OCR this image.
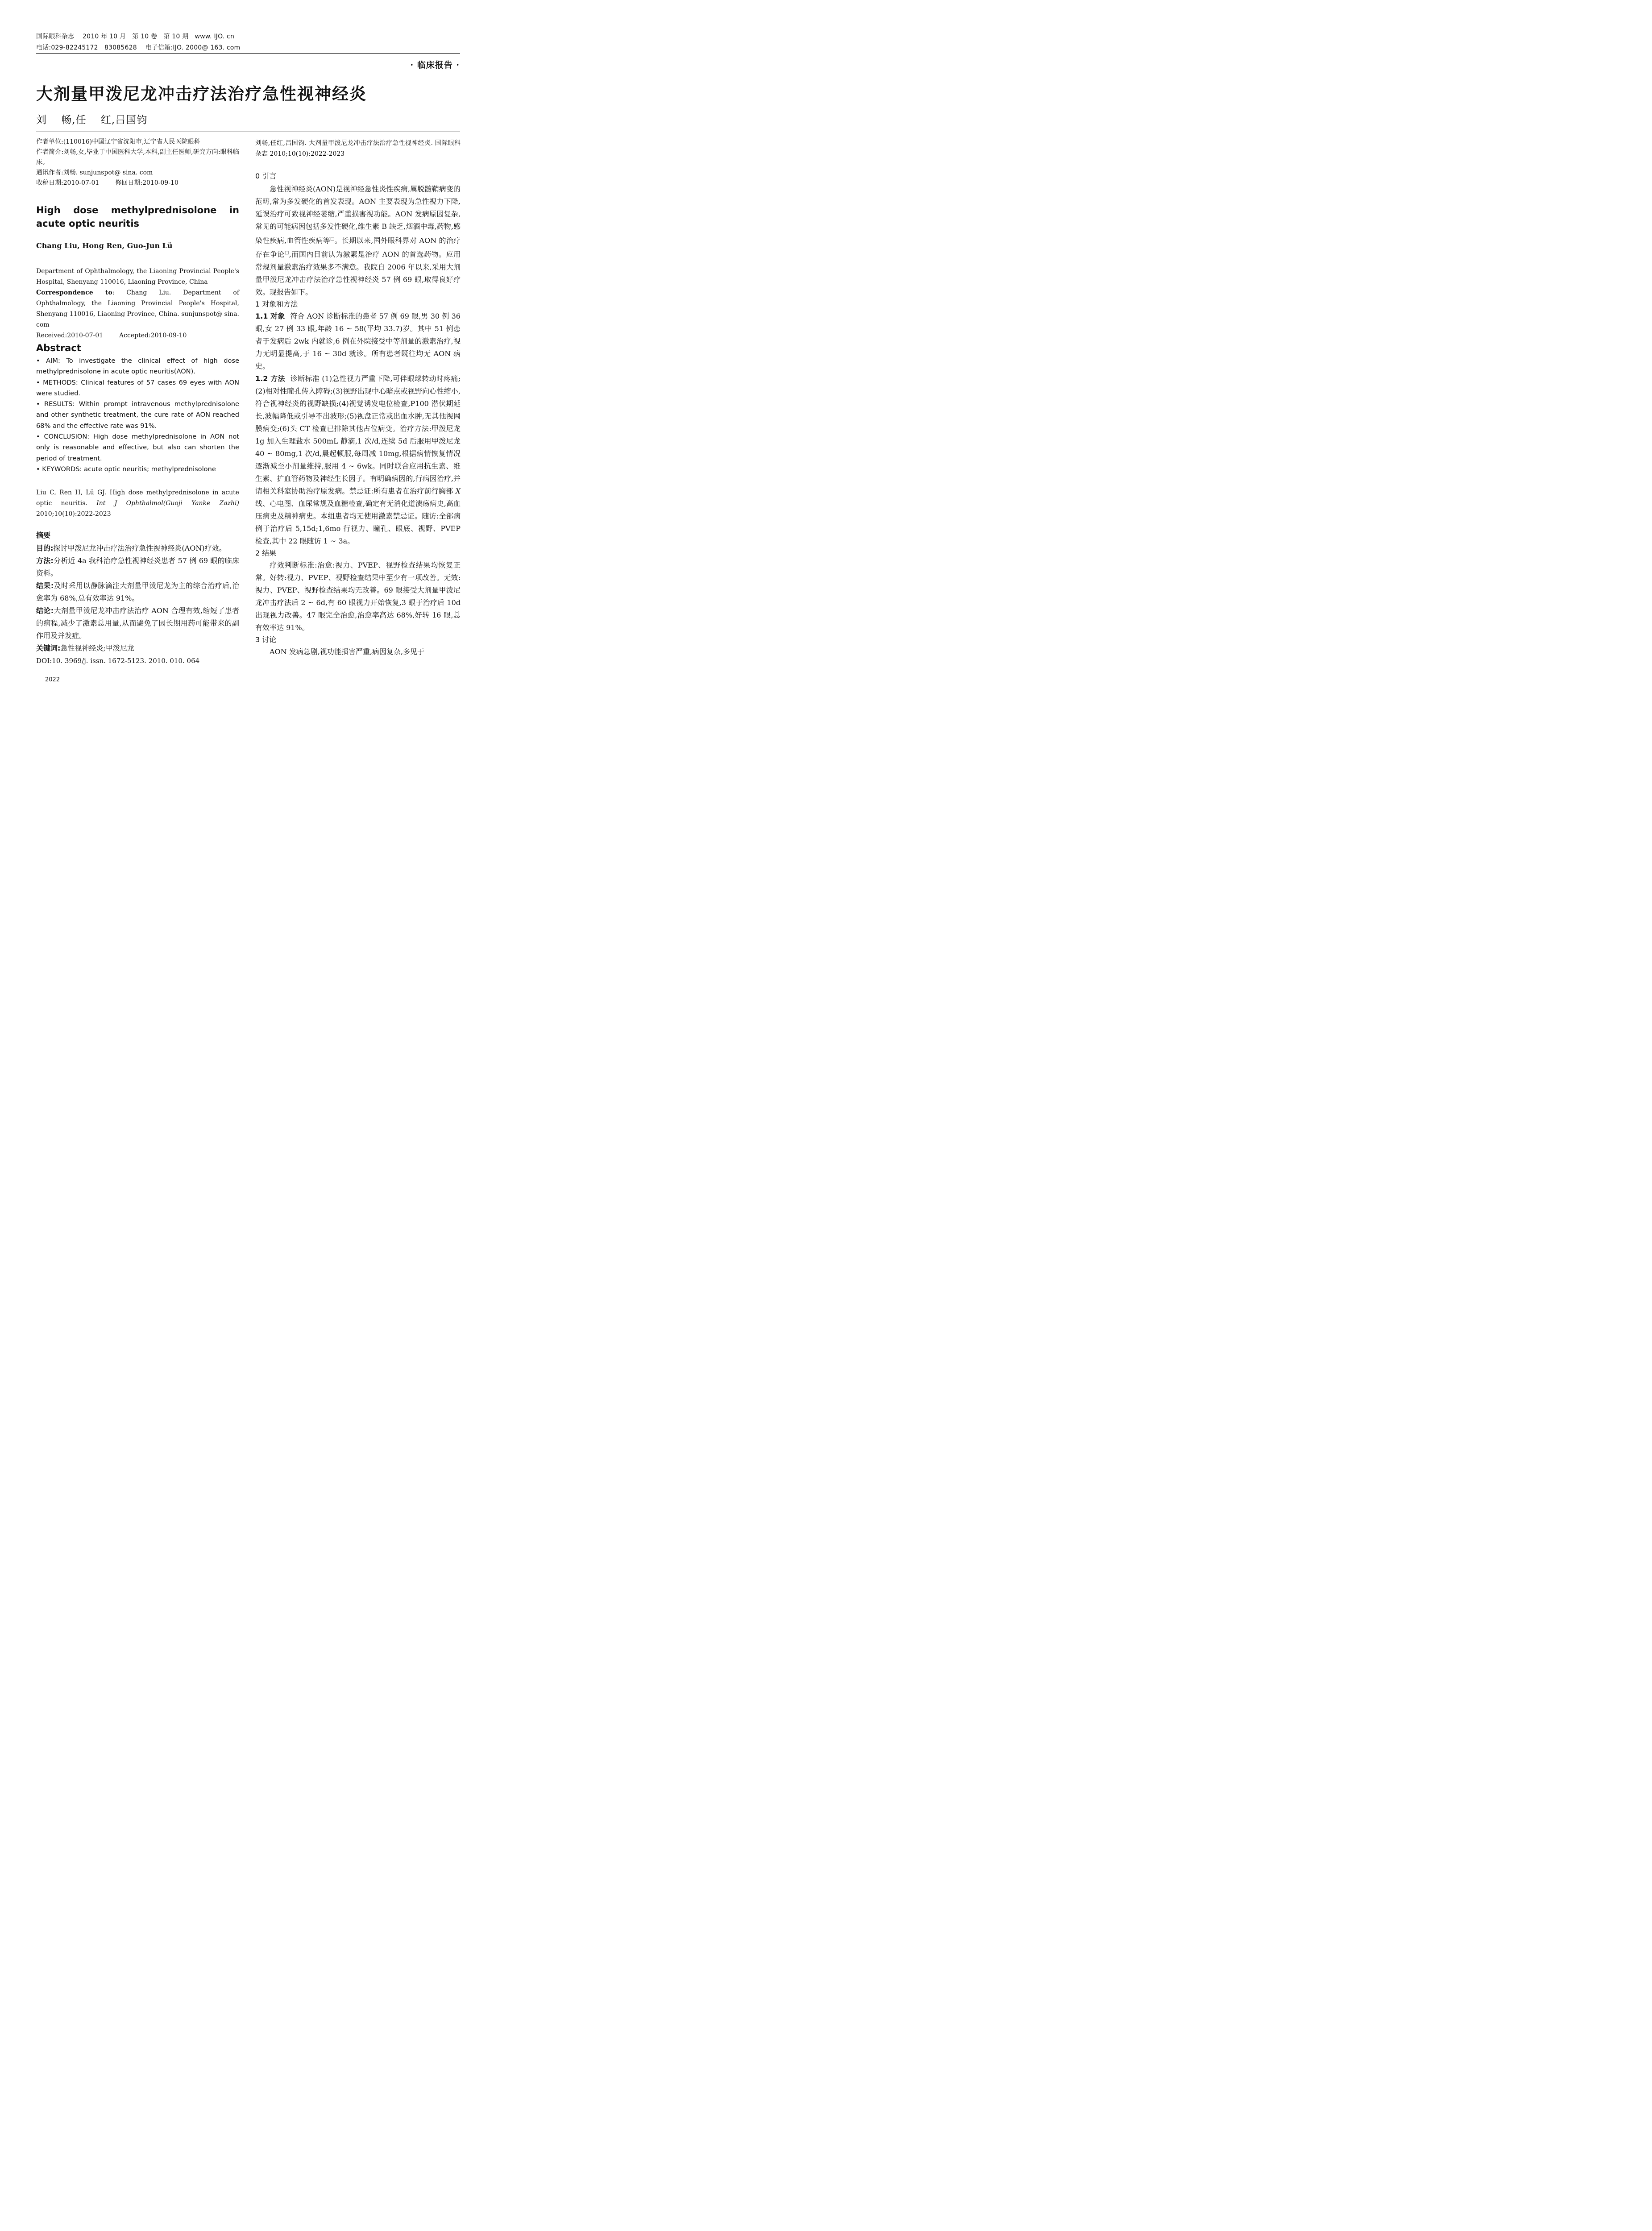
国际眼科杂志　 2010 年 10 月　第 10 卷　第 10 期　www. IJO. cn
电话:029-82245172　83085628　 电子信箱:IJO. 2000@ 163. com
· 临床报告 ·
大剂量甲泼尼龙冲击疗法治疗急性视神经炎
刘　 畅,任　 红,吕国钧

作者单位:(110016)中国辽宁省沈阳市,辽宁省人民医院眼科

作者简介:刘畅,女,毕业于中国医科大学,本科,副主任医师,研究方向:眼科临床。

通讯作者:刘畅. sunjunspot@ sina. com

收稿日期:2010-07-01	修回日期:2010-09-10

High dose methylprednisolone in acute optic neuritis
Chang Liu, Hong Ren, Guo-Jun Lü

Department of Ophthalmology, the Liaoning Provincial People's Hospital, Shenyang 110016, Liaoning Province, China

Correspondence to: Chang Liu. Department of Ophthalmology, the Liaoning Provincial People's Hospital, Shenyang 110016, Liaoning Province, China. sunjunspot@ sina. com

Received:2010-07-01	Accepted:2010-09-10

Abstract

• AIM: To investigate the clinical effect of high dose methylprednisolone in acute optic neuritis(AON).

• METHODS: Clinical features of 57 cases 69 eyes with AON were studied.

• RESULTS: Within prompt intravenous methylprednisolone and other synthetic treatment, the cure rate of AON reached 68% and the effective rate was 91%.

• CONCLUSION: High dose methylprednisolone in AON not only is reasonable and effective, but also can shorten the period of treatment.

• KEYWORDS: acute optic neuritis; methylprednisolone

Liu C, Ren H, Lü GJ. High dose methylprednisolone in acute optic neuritis. Int J Ophthalmol(Guoji Yanke Zazhi) 2010;10(10):2022-2023

摘要

目的:探讨甲泼尼龙冲击疗法治疗急性视神经炎(AON)疗效。

方法:分析近 4a 我科治疗急性视神经炎患者 57 例 69 眼的临床资料。

结果:及时采用以静脉滴注大剂量甲泼尼龙为主的综合治疗后,治愈率为 68%,总有效率达 91%。

结论:大剂量甲泼尼龙冲击疗法治疗 AON 合理有效,缩短了患者的病程,减少了激素总用量,从而避免了因长期用药可能带来的副作用及并发症。

关键词:急性视神经炎;甲泼尼龙

DOI:10. 3969/j. issn. 1672-5123. 2010. 010. 064

2022
刘畅,任红,吕国钧. 大剂量甲泼尼龙冲击疗法治疗急性视神经炎. 国际眼科杂志 2010;10(10):2022-2023

0 引言

急性视神经炎(AON)是视神经急性炎性疾病,属脱髓鞘病变的范畴,常为多发硬化的首发表现。AON 主要表现为急性视力下降,延误治疗可致视神经萎缩,严重损害视功能。AON 发病原因复杂,常见的可能病因包括多发性硬化,维生素 B 缺乏,烟酒中毒,药物,感染性疾病,血管性疾病等□。长期以来,国外眼科界对 AON 的治疗存在争论□,而国内目前认为激素是治疗 AON 的首选药物。应用常规剂量激素治疗效果多不满意。我院自 2006 年以来,采用大剂量甲泼尼龙冲击疗法治疗急性视神经炎 57 例 69 眼,取得良好疗效。现报告如下。

1 对象和方法

1.1 对象 符合 AON 诊断标准的患者 57 例 69 眼,男 30 例 36 眼,女 27 例 33 眼,年龄 16 ~ 58(平均 33.7)岁。其中 51 例患者于发病后 2wk 内就诊,6 例在外院接受中等剂量的激素治疗,视力无明显提高,于 16 ~ 30d 就诊。所有患者既往均无 AON 病史。

1.2 方法 诊断标准 (1)急性视力严重下降,可伴眼球转动时疼痛;(2)相对性瞳孔传入障碍;(3)视野出现中心暗点或视野向心性缩小,符合视神经炎的视野缺损;(4)视觉诱发电位检查,P100 潜伏期延长,波幅降低或引导不出波形;(5)视盘正常或出血水肿,无其他视网膜病变;(6)头 CT 检查已排除其他占位病变。治疗方法:甲泼尼龙 1g 加入生理盐水 500mL 静滴,1 次/d,连续 5d 后服用甲泼尼龙 40 ~ 80mg,1 次/d,晨起顿服,每周减 10mg,根据病情恢复情况逐渐减至小剂量维持,服用 4 ~ 6wk。同时联合应用抗生素、维生素、扩血管药物及神经生长因子。有明确病因的,行病因治疗,并请相关科室协助治疗原发病。禁忌证:所有患者在治疗前行胸部 X 线、心电图、血尿常规及血糖检查,确定有无消化道溃疡病史,高血压病史及精神病史。本组患者均无使用激素禁忌证。随访:全部病例于治疗后 5,15d;1,6mo 行视力、瞳孔、眼底、视野、PVEP 检查,其中 22 眼随访 1 ~ 3a。

2 结果

疗效判断标准:治愈:视力、PVEP、视野检查结果均恢复正常。好转:视力、PVEP、视野检查结果中至少有一项改善。无效:视力、PVEP、视野检查结果均无改善。69 眼接受大剂量甲泼尼龙冲击疗法后 2 ~ 6d,有 60 眼视力开始恢复,3 眼于治疗后 10d 出现视力改善。47 眼完全治愈,治愈率高达 68%,好转 16 眼,总有效率达 91%。

3 讨论

AON 发病急剧,视功能损害严重,病因复杂,多见于
